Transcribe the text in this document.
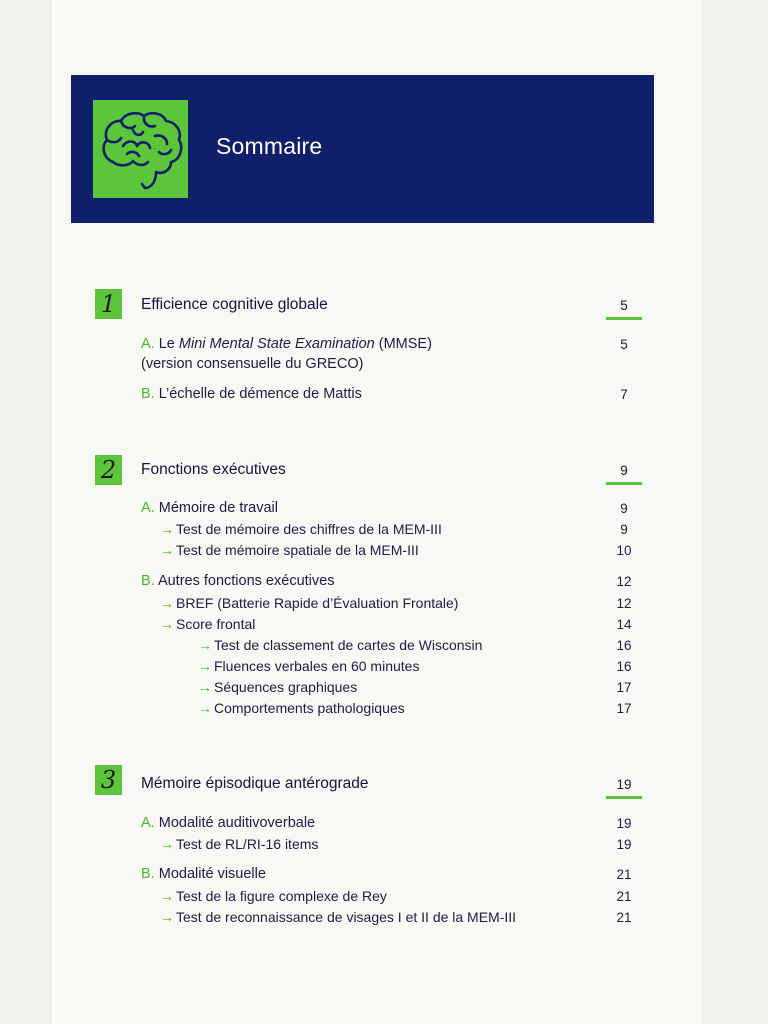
Sommaire
1	Efficience cognitive globale	5
A. Le Mini Mental State Examination (MMSE)	5
(version consensuelle du GRECO)
B. L’échelle de démence de Mattis	7
2	Fonctions exécutives	9
A. Mémoire de travail	9
→ Test de mémoire des chiffres de la MEM-III	9
→ Test de mémoire spatiale de la MEM-III	10
B. Autres fonctions exécutives	12
→ BREF (Batterie Rapide d’Évaluation Frontale)	12
→ Score frontal	14
→ Test de classement de cartes de Wisconsin	16
→ Fluences verbales en 60 minutes	16
→ Séquences graphiques	17
→ Comportements pathologiques	17
3	Mémoire épisodique antérograde	19
A. Modalité auditivoverbale	19
→ Test de RL/RI-16 items	19
B. Modalité visuelle	21
→ Test de la figure complexe de Rey	21
→ Test de reconnaissance de visages I et II de la MEM-III	21
